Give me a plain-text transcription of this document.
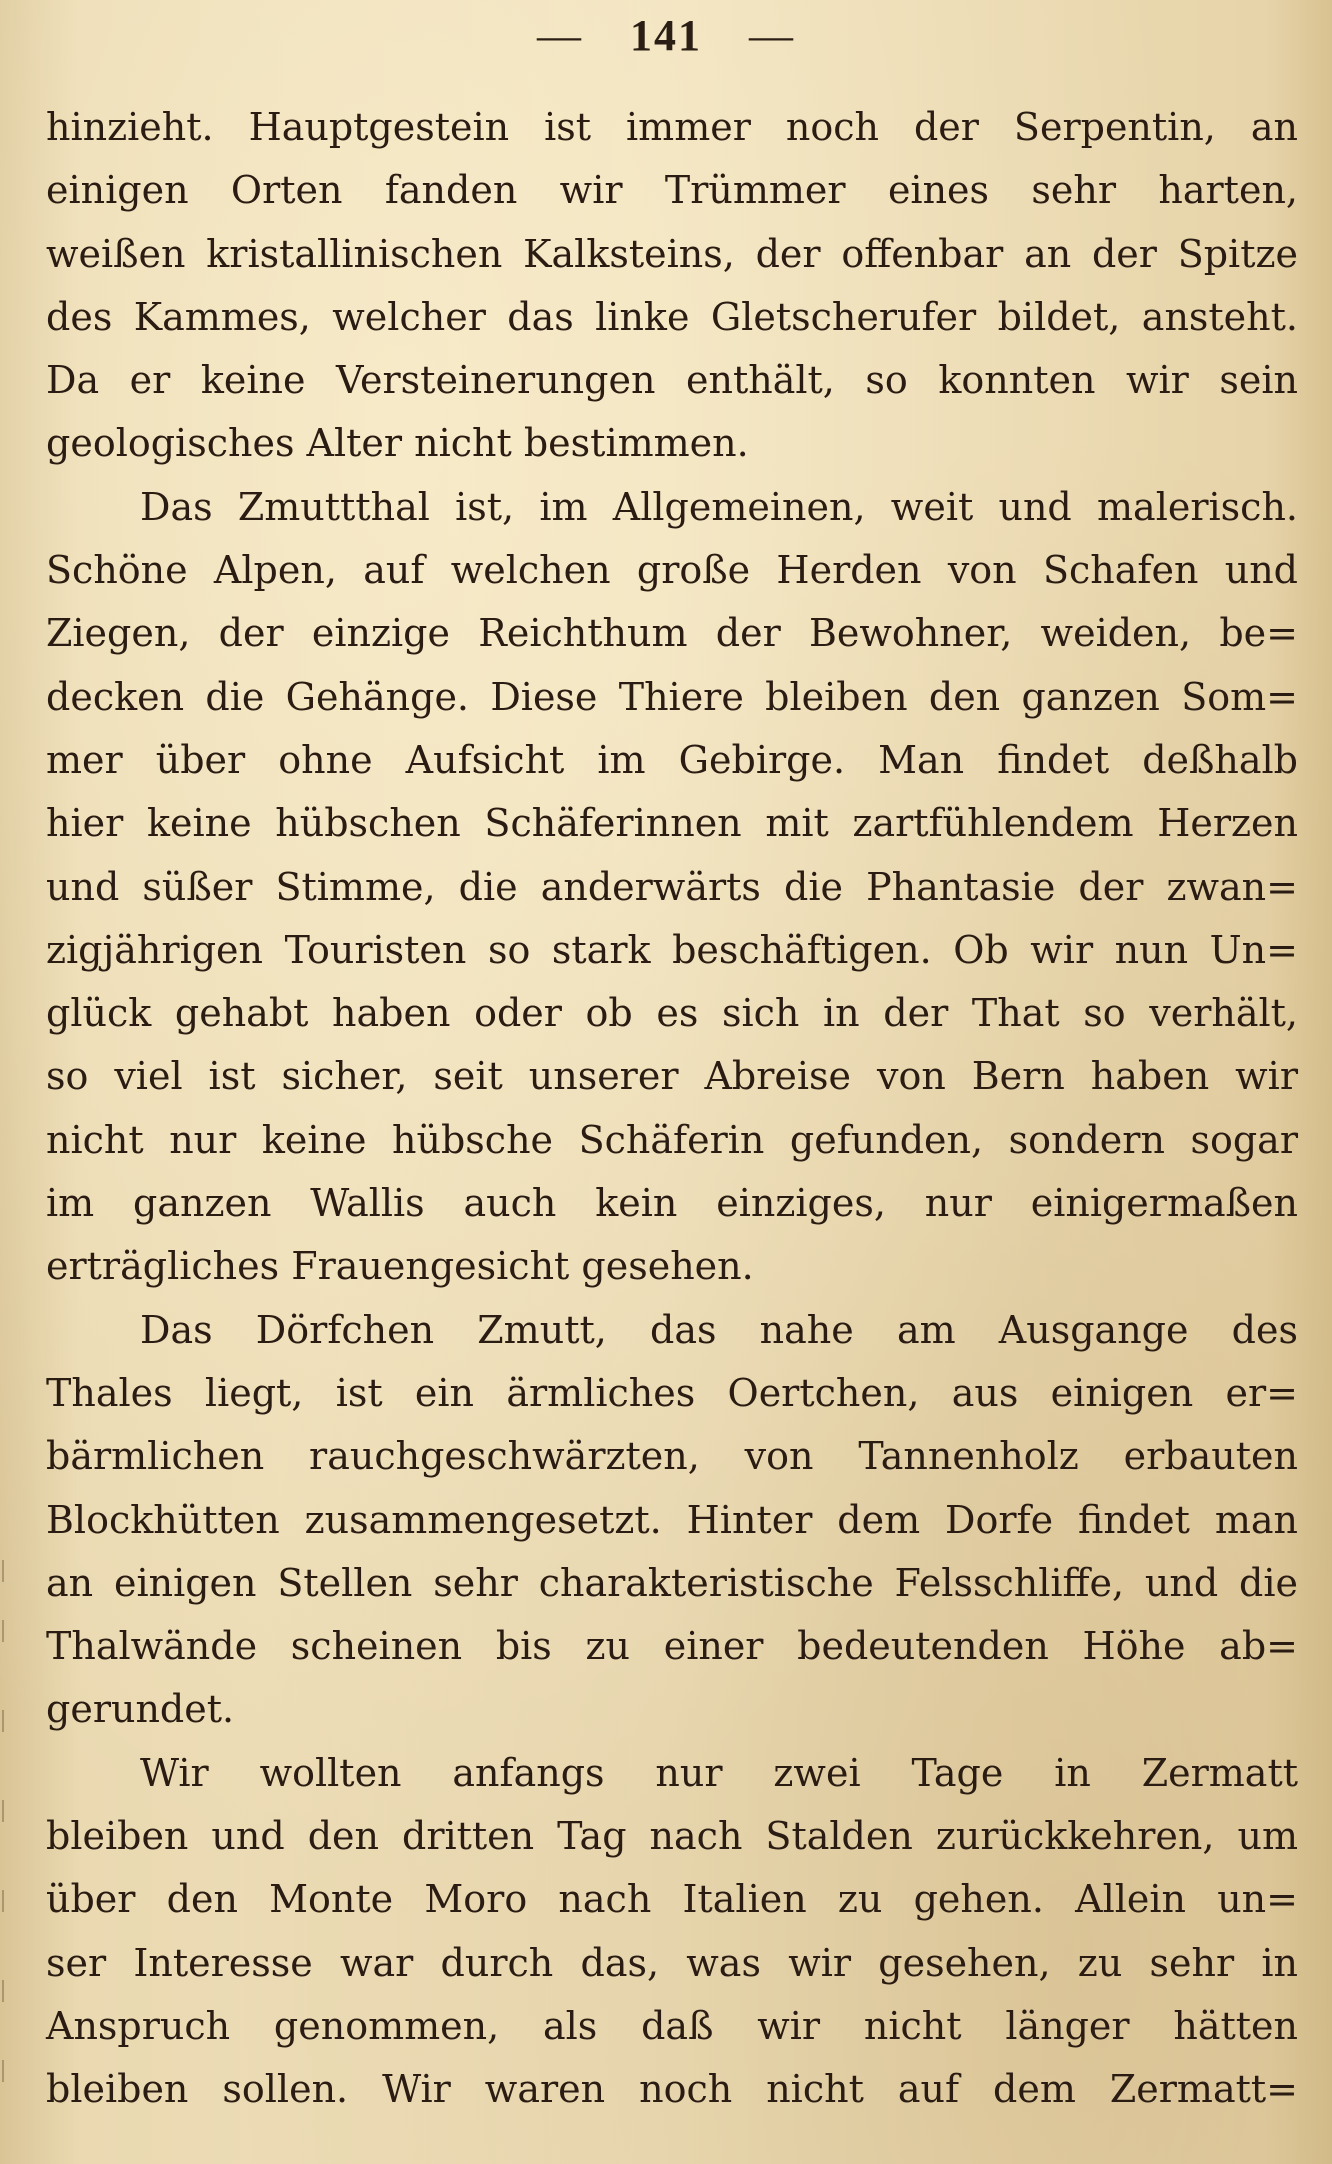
— 141 —
hinzieht. Hauptgestein ist immer noch der Serpentin, an
einigen Orten fanden wir Trümmer eines sehr harten,
weißen kristallinischen Kalksteins, der offenbar an der Spitze
des Kammes, welcher das linke Gletscherufer bildet, ansteht.
Da er keine Versteinerungen enthält, so konnten wir sein
geologisches Alter nicht bestimmen.
Das Zmuttthal ist, im Allgemeinen, weit und malerisch.
Schöne Alpen, auf welchen große Herden von Schafen und
Ziegen, der einzige Reichthum der Bewohner, weiden, be=
decken die Gehänge. Diese Thiere bleiben den ganzen Som=
mer über ohne Aufsicht im Gebirge. Man findet deßhalb
hier keine hübschen Schäferinnen mit zartfühlendem Herzen
und süßer Stimme, die anderwärts die Phantasie der zwan=
zigjährigen Touristen so stark beschäftigen. Ob wir nun Un=
glück gehabt haben oder ob es sich in der That so verhält,
so viel ist sicher, seit unserer Abreise von Bern haben wir
nicht nur keine hübsche Schäferin gefunden, sondern sogar
im ganzen Wallis auch kein einziges, nur einigermaßen
erträgliches Frauengesicht gesehen.
Das Dörfchen Zmutt, das nahe am Ausgange des
Thales liegt, ist ein ärmliches Oertchen, aus einigen er=
bärmlichen rauchgeschwärzten, von Tannenholz erbauten
Blockhütten zusammengesetzt. Hinter dem Dorfe findet man
an einigen Stellen sehr charakteristische Felsschliffe, und die
Thalwände scheinen bis zu einer bedeutenden Höhe ab=
gerundet.
Wir wollten anfangs nur zwei Tage in Zermatt
bleiben und den dritten Tag nach Stalden zurückkehren, um
über den Monte Moro nach Italien zu gehen. Allein un=
ser Interesse war durch das, was wir gesehen, zu sehr in
Anspruch genommen, als daß wir nicht länger hätten
bleiben sollen. Wir waren noch nicht auf dem Zermatt=
